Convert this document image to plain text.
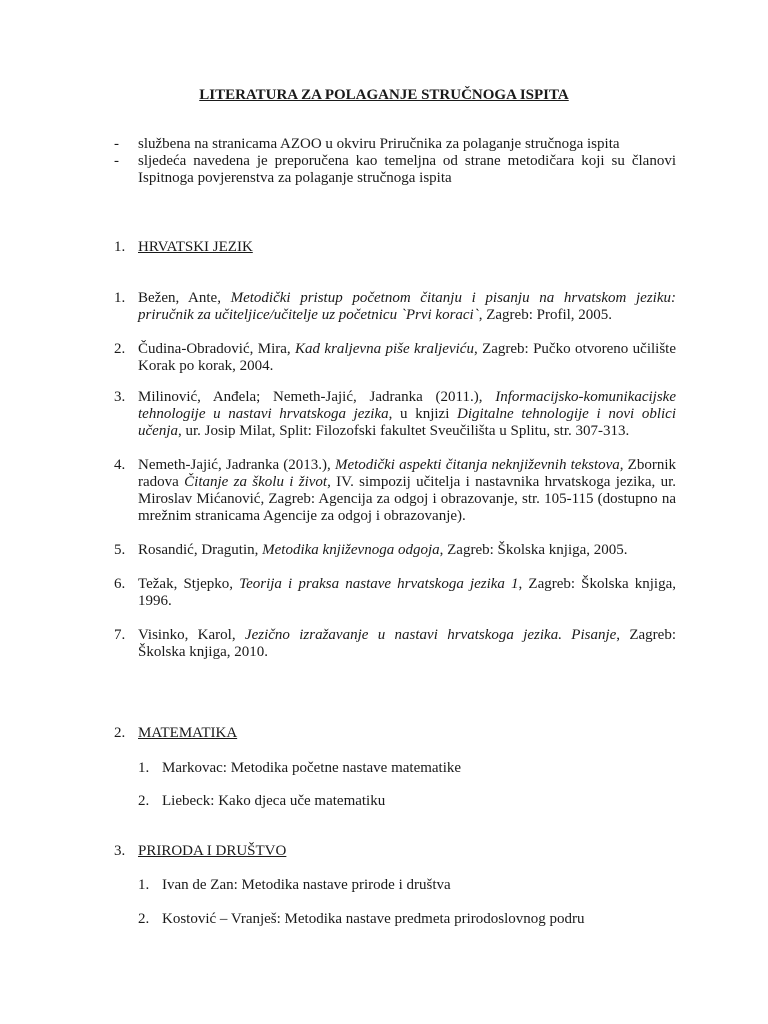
LITERATURA ZA POLAGANJE STRUČNOGA ISPITA
-	službena na stranicama AZOO u okviru Priručnika za polaganje stručnoga ispita
-	sljedeća navedena je preporučena kao temeljna od strane metodičara koji su članovi Ispitnoga povjerenstva za polaganje stručnoga ispita
1. HRVATSKI JEZIK
1. Bežen, Ante, Metodički pristup početnom čitanju i pisanju na hrvatskom jeziku: priručnik za učiteljice/učitelje uz početnicu `Prvi koraci`, Zagreb: Profil, 2005.
2. Čudina-Obradović, Mira, Kad kraljevna piše kraljeviću, Zagreb: Pučko otvoreno učilište Korak po korak, 2004.
3. Milinović, Anđela; Nemeth-Jajić, Jadranka (2011.), Informacijsko-komunikacijske tehnologije u nastavi hrvatskoga jezika, u knjizi Digitalne tehnologije i novi oblici učenja, ur. Josip Milat, Split: Filozofski fakultet Sveučilišta u Splitu, str. 307-313.
4. Nemeth-Jajić, Jadranka (2013.), Metodički aspekti čitanja neknjiževnih tekstova, Zbornik radova Čitanje za školu i život, IV. simpozij učitelja i nastavnika hrvatskoga jezika, ur. Miroslav Mićanović, Zagreb: Agencija za odgoj i obrazovanje, str. 105-115 (dostupno na mrežnim stranicama Agencije za odgoj i obrazovanje).
5. Rosandić, Dragutin, Metodika književnoga odgoja, Zagreb: Školska knjiga, 2005.
6. Težak, Stjepko, Teorija i praksa nastave hrvatskoga jezika 1, Zagreb: Školska knjiga, 1996.
7. Visinko, Karol, Jezično izražavanje u nastavi hrvatskoga jezika. Pisanje, Zagreb: Školska knjiga, 2010.
2. MATEMATIKA
1. Markovac: Metodika početne nastave matematike
2. Liebeck: Kako djeca uče matematiku
3. PRIRODA I DRUŠTVO
1. Ivan de Zan: Metodika nastave prirode i društva
2. Kostović – Vranješ: Metodika nastave predmeta prirodoslovnog podru
